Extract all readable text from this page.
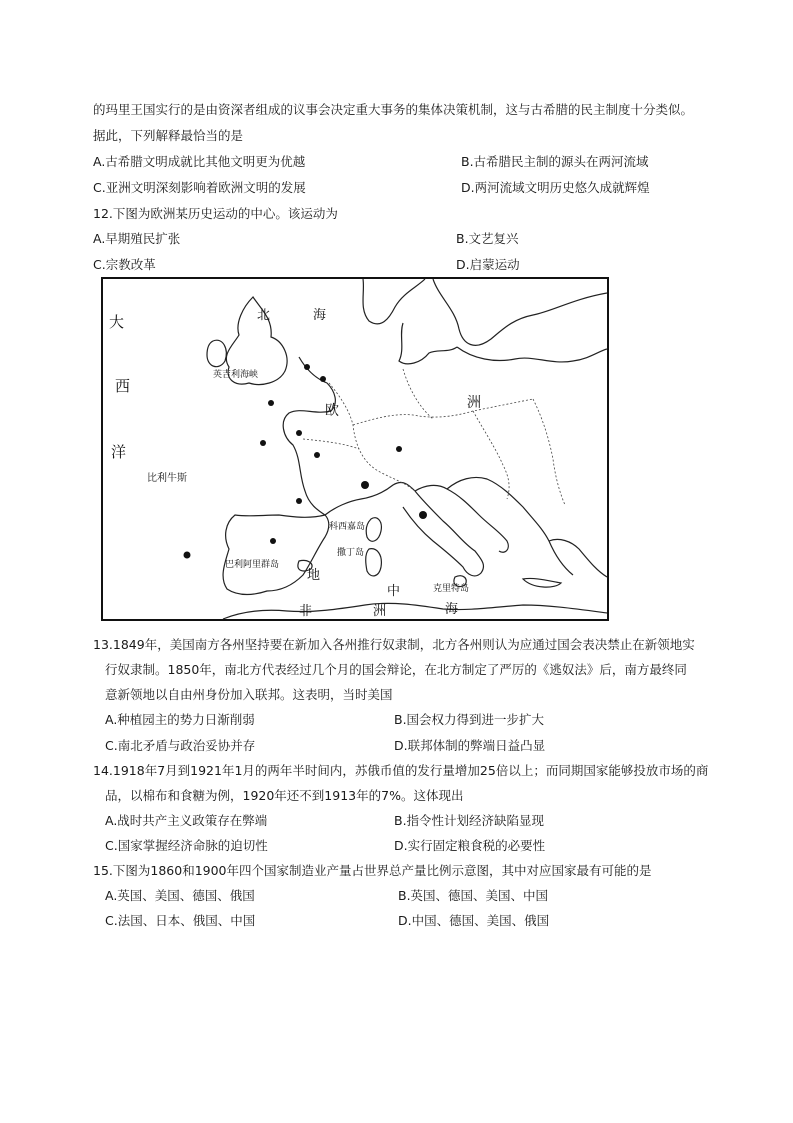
的玛里王国实行的是由资深者组成的议事会决定重大事务的集体决策机制，这与古希腊的民主制度十分类似。
据此，下列解释最恰当的是
A.古希腊文明成就比其他文明更为优越	B.古希腊民主制的源头在两河流域
C.亚洲文明深刻影响着欧洲文明的发展	D.两河流域文明历史悠久成就辉煌
12.下图为欧洲某历史运动的中心。该运动为
A.早期殖民扩张	B.文艺复兴
C.宗教改革	D.启蒙运动
大
西
洋
北	海
欧	洲
英吉利海峡
比利牛斯
科西嘉岛
撒丁岛
巴利阿里群岛
克里特岛
地
中
海
非	洲
13.1849年，美国南方各州坚持要在新加入各州推行奴隶制，北方各州则认为应通过国会表决禁止在新领地实
行奴隶制。1850年，南北方代表经过几个月的国会辩论，在北方制定了严厉的《逃奴法》后，南方最终同
意新领地以自由州身份加入联邦。这表明，当时美国
A.种植园主的势力日渐削弱	B.国会权力得到进一步扩大
C.南北矛盾与政治妥协并存	D.联邦体制的弊端日益凸显
14.1918年7月到1921年1月的两年半时间内，苏俄币值的发行量增加25倍以上；而同期国家能够投放市场的商
品，以棉布和食糖为例，1920年还不到1913年的7%。这体现出
A.战时共产主义政策存在弊端	B.指令性计划经济缺陷显现
C.国家掌握经济命脉的迫切性	D.实行固定粮食税的必要性
15.下图为1860和1900年四个国家制造业产量占世界总产量比例示意图，其中对应国家最有可能的是
A.英国、美国、德国、俄国	B.英国、德国、美国、中国
C.法国、日本、俄国、中国	D.中国、德国、美国、俄国
